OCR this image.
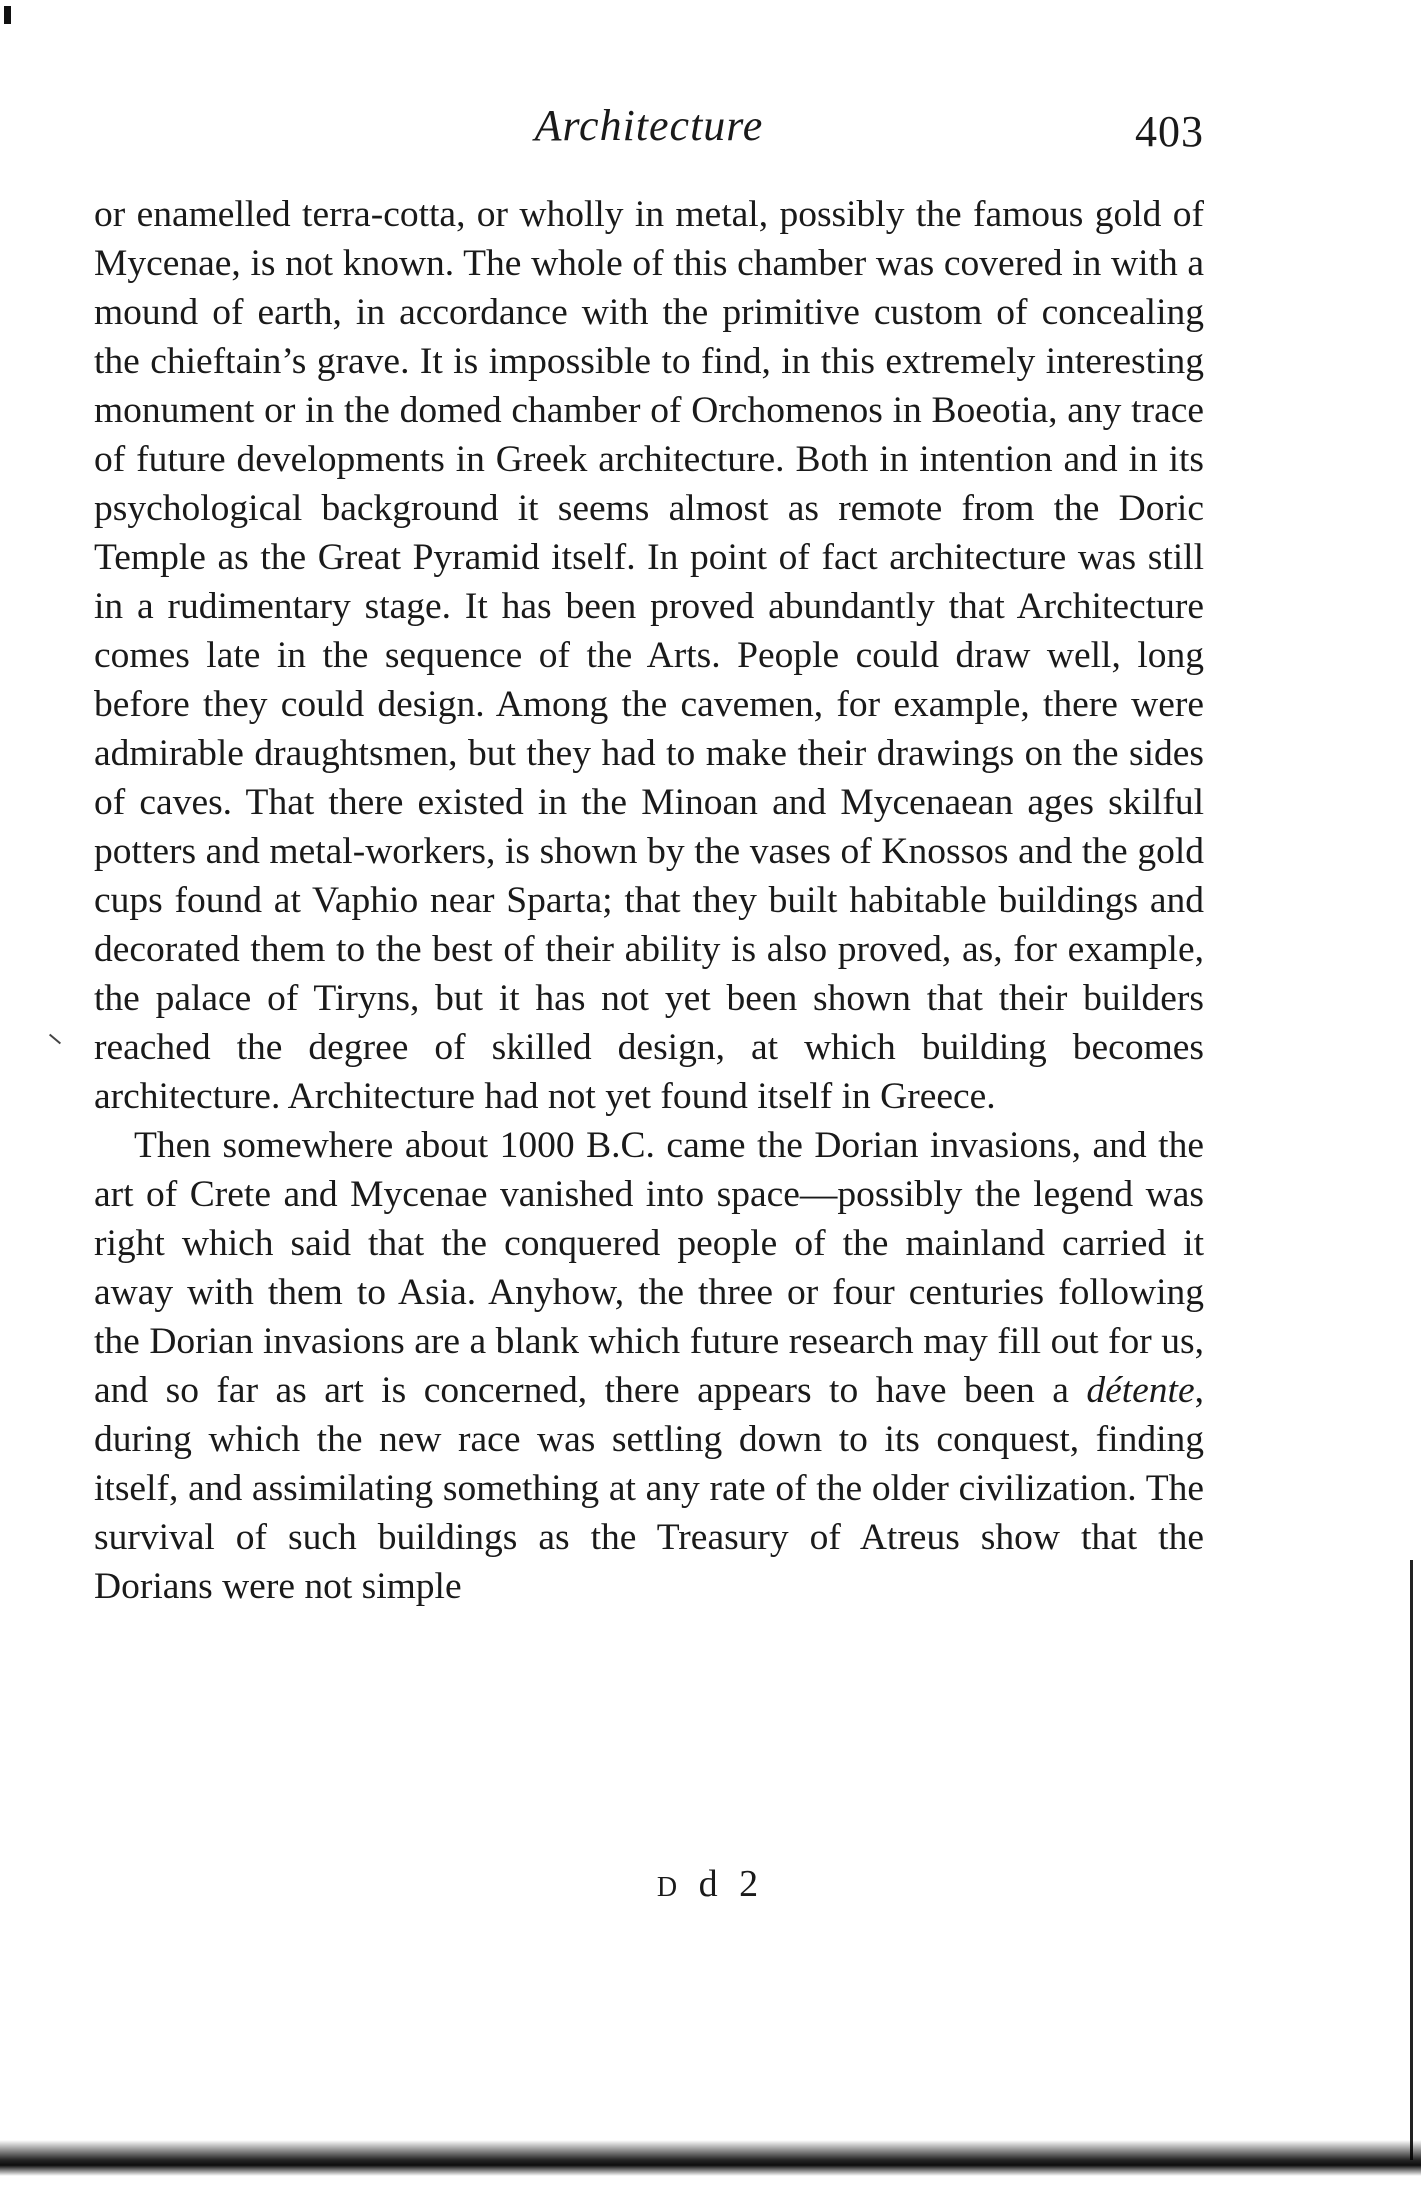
Architecture	403

or enamelled terra-cotta, or wholly in metal, possibly the famous gold of Mycenae, is not known. The whole of this chamber was covered in with a mound of earth, in accordance with the primitive custom of concealing the chieftain’s grave. It is impossible to find, in this extremely interesting monument or in the domed chamber of Orchomenos in Boeotia, any trace of future developments in Greek architecture. Both in intention and in its psychological background it seems almost as remote from the Doric Temple as the Great Pyramid itself. In point of fact architecture was still in a rudimentary stage. It has been proved abundantly that Architecture comes late in the sequence of the Arts. People could draw well, long before they could design. Among the cavemen, for example, there were admirable draughtsmen, but they had to make their drawings on the sides of caves. That there existed in the Minoan and Mycenaean ages skilful potters and metal-workers, is shown by the vases of Knossos and the gold cups found at Vaphio near Sparta; that they built habitable buildings and decorated them to the best of their ability is also proved, as, for example, the palace of Tiryns, but it has not yet been shown that their builders reached the degree of skilled design, at which building becomes architecture. Architecture had not yet found itself in Greece.

Then somewhere about 1000 B.C. came the Dorian invasions, and the art of Crete and Mycenae vanished into space—possibly the legend was right which said that the conquered people of the mainland carried it away with them to Asia. Anyhow, the three or four centuries following the Dorian invasions are a blank which future research may fill out for us, and so far as art is concerned, there appears to have been a détente, during which the new race was settling down to its conquest, finding itself, and assimilating something at any rate of the older civilization. The survival of such buildings as the Treasury of Atreus show that the Dorians were not simple

D d 2
